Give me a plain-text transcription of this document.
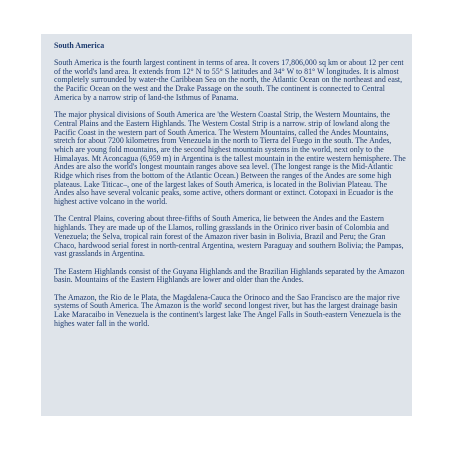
South America

South America is the fourth largest continent in terms of area. It covers 17,806,000 sq km or about 12 per cent of the world's land area. It extends from 12° N to 55° S latitudes and 34° W to 81° W longitudes. It is almost completely surrounded by water-the Caribbean Sea on the north, the Atlantic Ocean on the northeast and east, the Pacific Ocean on the west and the Drake Passage on the south. The continent is connected to Central America by a narrow strip of land-the Isthmus of Panama.

The major physical divisions of South America are 'the Western Coastal Strip, the Western Mountains, the Central Plains and the Eastern Highlands. The Western Costal Strip is a narrow. strip of lowland along the Pacific Coast in the western part of South America. The Western Mountains, called the Andes Mountains, stretch for about 7200 kilometres from Venezuela in the north to Tierra del Fuego in the south. The Andes, which are young fold mountains, are the second highest mountain systems in the world, next only to the Himalayas. Mt Aconcagua (6,959 m) in Argentina is the tallest mountain in the entire western hemisphere. The Andes are also the world's longest mountain ranges above sea level. (The longest range is the Mid-Atlantic Ridge which rises from the bottom of the Atlantic Ocean.) Between the ranges of the Andes are some high plateaus. Lake Titicac–, one of the largest lakes of South America, is located in the Bolivian Plateau. The Andes also have several volcanic peaks, some active, others dormant or extinct. Cotopaxi in Ecuador is the highest active volcano in the world.

The Central Plains, covering about three-fifths of South America, lie between the Andes and the Eastern highlands. They are made up of the Llamos, rolling grasslands in the Orinico river basin of Colombia and Venezuela; the Selva, tropical rain forest of the Amazon river basin in Bolivia, Brazil and Peru; the Gran Chaco, hardwood serial forest in north-central Argentina, western Paraguay and southern Bolivia; the Pampas, vast grasslands in Argentina.

The Eastern Highlands consist of the Guyana Highlands and the Brazilian Highlands separated by the Amazon basin. Mountains of the Eastern Highlands are lower and older than the Andes.

The Amazon, the Rio de le Plata, the Magdalena-Cauca the Orinoco and the Sao Francisco are the major rive systems of South America. The Amazon is the world' second longest river, but has the largest drainage basin Lake Maracaibo in Venezuela is the continent's largest lake The Angel Falls in South-eastern Venezuela is the highes water fall in the world.
